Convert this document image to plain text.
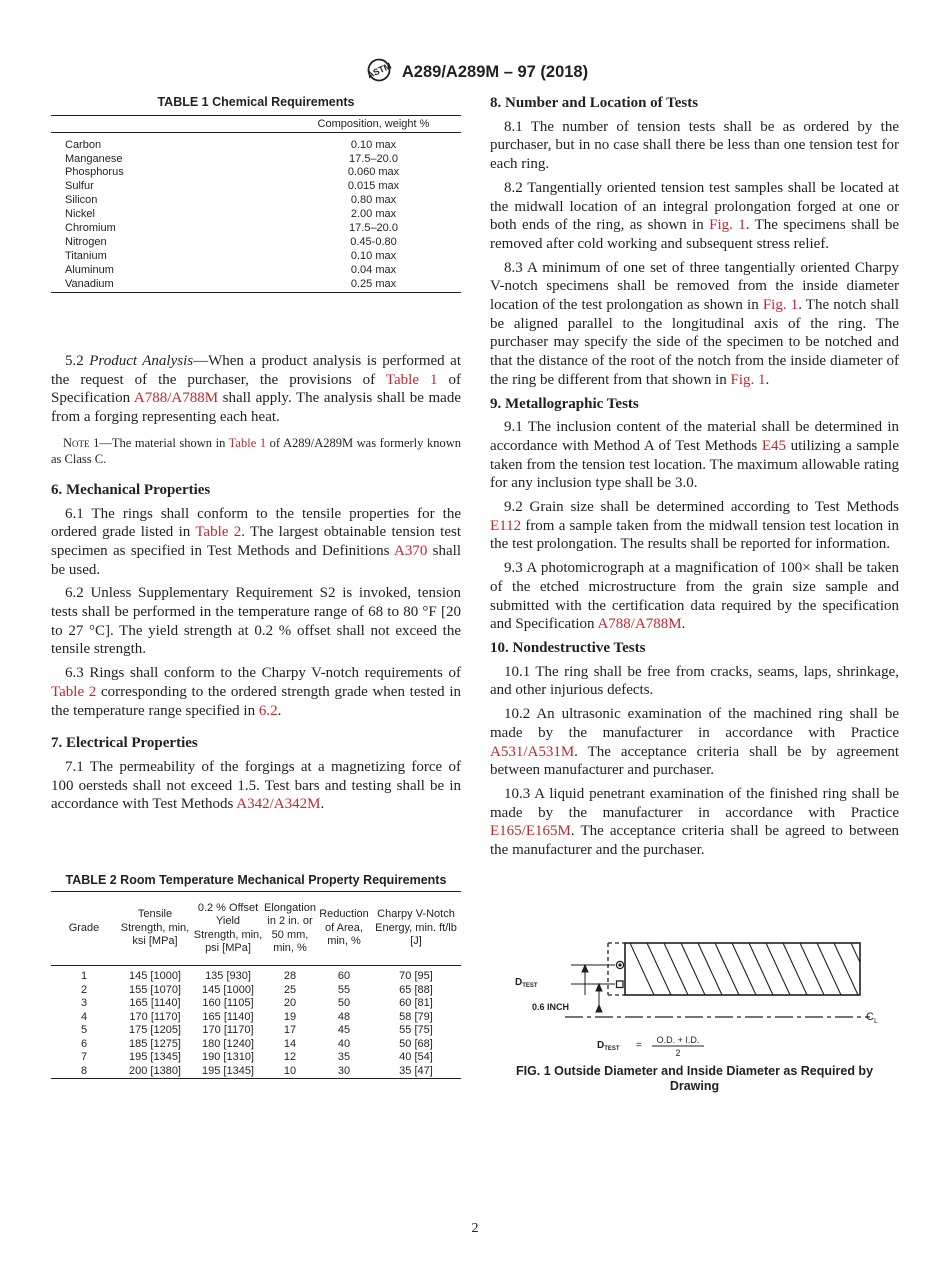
ASTM A289/A289M – 97 (2018)
TABLE 1 Chemical Requirements
	Composition, weight %
Carbon	0.10 max
Manganese	17.5–20.0
Phosphorus	0.060 max
Sulfur	0.015 max
Silicon	0.80 max
Nickel	2.00 max
Chromium	17.5–20.0
Nitrogen	0.45-0.80
Titanium	0.10 max
Aluminum	0.04 max
Vanadium	0.25 max

5.2 Product Analysis—When a product analysis is performed at the request of the purchaser, the provisions of Table 1 of Specification A788/A788M shall apply. The analysis shall be made from a forging representing each heat.

Note 1—The material shown in Table 1 of A289/A289M was formerly known as Class C.

6. Mechanical Properties

6.1 The rings shall conform to the tensile properties for the ordered grade listed in Table 2. The largest obtainable tension test specimen as specified in Test Methods and Definitions A370 shall be used.

6.2 Unless Supplementary Requirement S2 is invoked, tension tests shall be performed in the temperature range of 68 to 80 °F [20 to 27 °C]. The yield strength at 0.2 % offset shall not exceed the tensile strength.

6.3 Rings shall conform to the Charpy V-notch requirements of Table 2 corresponding to the ordered strength grade when tested in the temperature range specified in 6.2.

7. Electrical Properties

7.1 The permeability of the forgings at a magnetizing force of 100 oersteds shall not exceed 1.5. Test bars and testing shall be in accordance with Test Methods A342/A342M.

TABLE 2 Room Temperature Mechanical Property Requirements
Grade	Tensile Strength, min, ksi [MPa]	0.2 % Offset Yield Strength, min, psi [MPa]	Elongation in 2 in. or 50 mm, min, %	Reduction of Area, min, %	Charpy V-Notch Energy, min. ft/lb [J]
1	145 [1000]	135 [930]	28	60	70 [95]
2	155 [1070]	145 [1000]	25	55	65 [88]
3	165 [1140]	160 [1105]	20	50	60 [81]
4	170 [1170]	165 [1140]	19	48	58 [79]
5	175 [1205]	170 [1170]	17	45	55 [75]
6	185 [1275]	180 [1240]	14	40	50 [68]
7	195 [1345]	190 [1310]	12	35	40 [54]
8	200 [1380]	195 [1345]	10	30	35 [47]
8. Number and Location of Tests

8.1 The number of tension tests shall be as ordered by the purchaser, but in no case shall there be less than one tension test for each ring.

8.2 Tangentially oriented tension test samples shall be located at the midwall location of an integral prolongation forged at one or both ends of the ring, as shown in Fig. 1. The specimens shall be removed after cold working and subsequent stress relief.

8.3 A minimum of one set of three tangentially oriented Charpy V-notch specimens shall be removed from the inside diameter location of the test prolongation as shown in Fig. 1. The notch shall be aligned parallel to the longitudinal axis of the ring. The purchaser may specify the side of the specimen to be notched and that the distance of the root of the notch from the inside diameter of the ring be different from that shown in Fig. 1.

9. Metallographic Tests

9.1 The inclusion content of the material shall be determined in accordance with Method A of Test Methods E45 utilizing a sample taken from the tension test location. The maximum allowable rating for any inclusion type shall be 3.0.

9.2 Grain size shall be determined according to Test Methods E112 from a sample taken from the midwall tension test location in the test prolongation. The results shall be reported for information.

9.3 A photomicrograph at a magnification of 100× shall be taken of the etched microstructure from the grain size sample and submitted with the certification data required by the specification and Specification A788/A788M.

10. Nondestructive Tests

10.1 The ring shall be free from cracks, seams, laps, shrinkage, and other injurious defects.

10.2 An ultrasonic examination of the machined ring shall be made by the manufacturer in accordance with Practice A531/A531M. The acceptance criteria shall be by agreement between manufacturer and purchaser.

10.3 A liquid penetrant examination of the finished ring shall be made by the manufacturer in accordance with Practice E165/E165M. The acceptance criteria shall be agreed to between the manufacturer and the purchaser.

$D_{TEST}$
0.6 INCH
$C_L$
$D_{TEST} = O.D$. + I.D.
2
FIG. 1 Outside Diameter and Inside Diameter as Required by Drawing
2
